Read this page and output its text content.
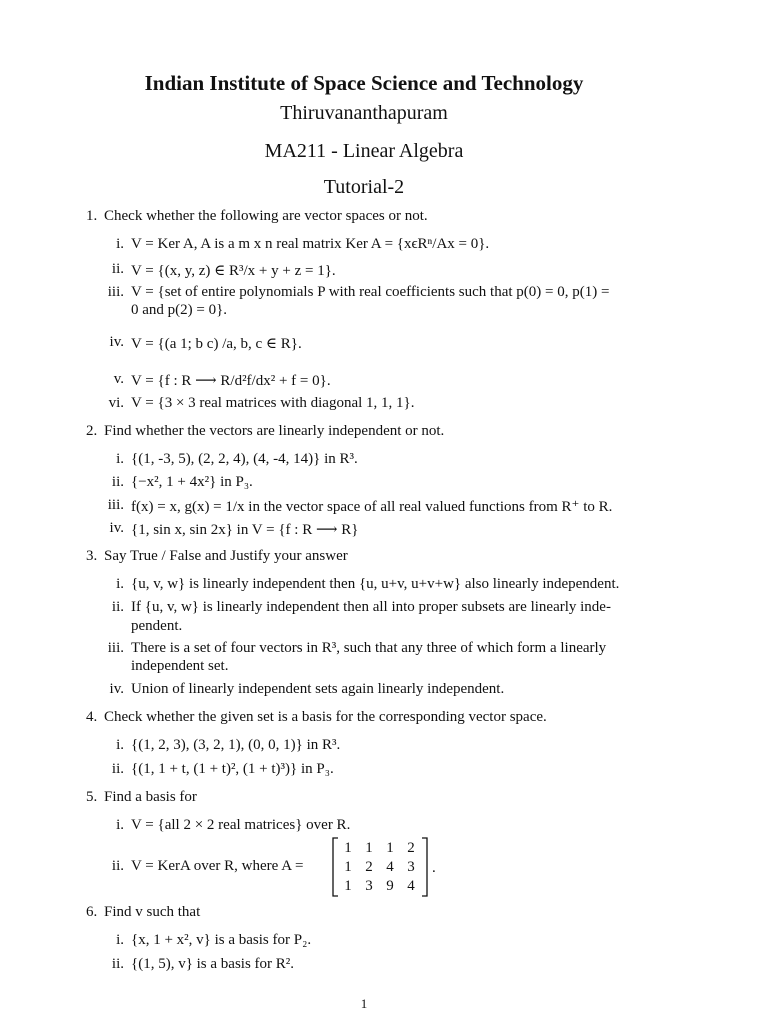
Indian Institute of Space Science and Technology
Thiruvananthapuram
MA211 - Linear Algebra
Tutorial-2
1. Check whether the following are vector spaces or not.
i. V = Ker A, A is a m x n real matrix Ker A = {xϵRⁿ/Ax = 0}.
ii. V = {(x, y, z) ∈ R³/x + y + z = 1}.
iii. V = {set of entire polynomials P with real coefficients such that p(0) = 0, p(1) =
0 and p(2) = 0}.
iv. V = {(a 1; b c) /a, b, c ∈ R}.
v. V = {f : R ⟶ R/d²f/dx² + f = 0}.
vi. V = {3 × 3 real matrices with diagonal 1, 1, 1}.
2. Find whether the vectors are linearly independent or not.
i. {(1, -3, 5), (2, 2, 4), (4, -4, 14)} in R³.
ii. {−x², 1 + 4x²} in P₃.
iii. f(x) = x, g(x) = 1/x in the vector space of all real valued functions from R⁺ to R.
iv. {1, sin x, sin 2x} in V = {f : R ⟶ R}
3. Say True / False and Justify your answer
i. {u, v, w} is linearly independent then {u, u+v, u+v+w} also linearly independent.
ii. If {u, v, w} is linearly independent then all into proper subsets are linearly inde-
pendent.
iii. There is a set of four vectors in R³, such that any three of which form a linearly
independent set.
iv. Union of linearly independent sets again linearly independent.
4. Check whether the given set is a basis for the corresponding vector space.
i. {(1, 2, 3), (3, 2, 1), (0, 0, 1)} in R³.
ii. {(1, 1 + t, (1 + t)², (1 + t)³)} in P₃.
5. Find a basis for
i. V = {all 2 × 2 real matrices} over R.
ii. V = KerA over R, where A =
1 1 1 2
1 2 4 3
1 3 9 4
.
6. Find v such that
i. {x, 1 + x², v} is a basis for P₂.
ii. {(1, 5), v} is a basis for R².
1
